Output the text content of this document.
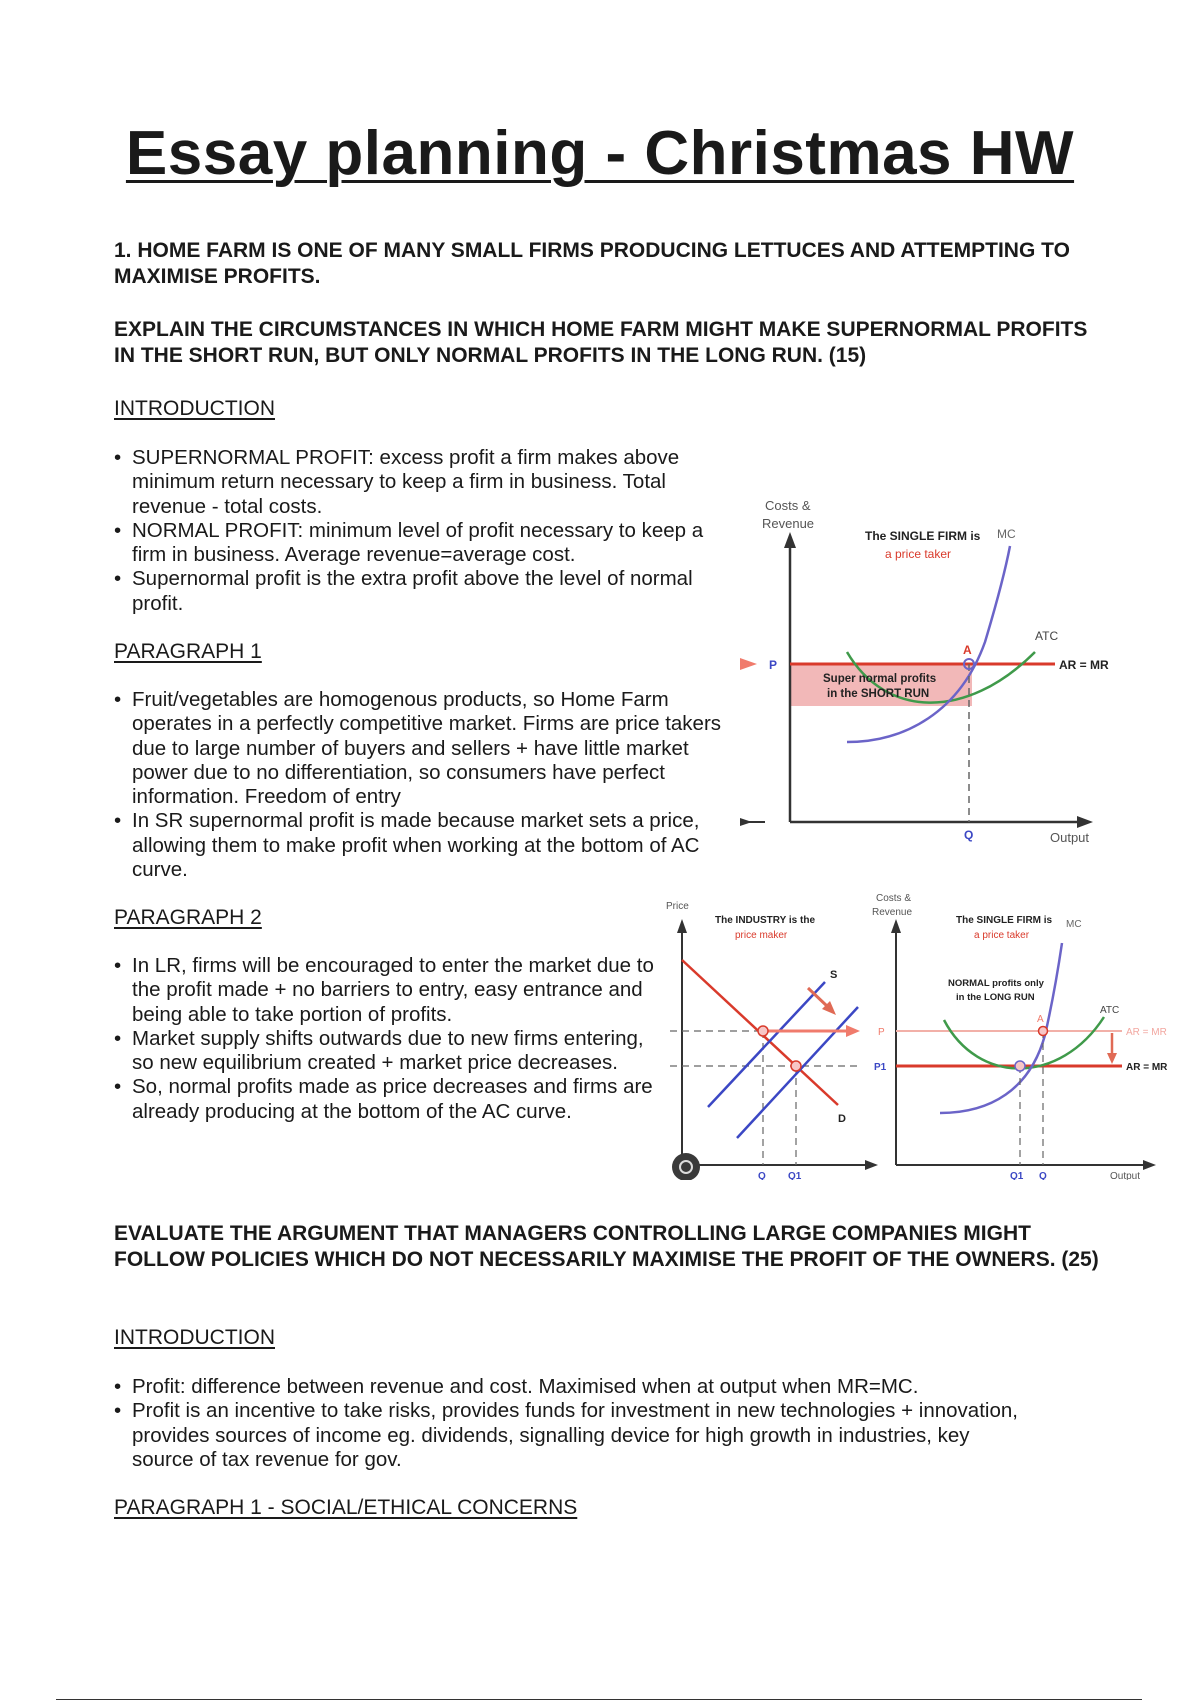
Essay planning - Christmas HW
1. HOME FARM IS ONE OF MANY SMALL FIRMS PRODUCING LETTUCES AND ATTEMPTING TO MAXIMISE PROFITS.
EXPLAIN THE CIRCUMSTANCES IN WHICH HOME FARM MIGHT MAKE SUPERNORMAL PROFITS IN THE SHORT RUN, BUT ONLY NORMAL PROFITS IN THE LONG RUN. (15)
INTRODUCTION
• SUPERNORMAL PROFIT: excess profit a firm makes above minimum return necessary to keep a firm in business. Total revenue - total costs.
• NORMAL PROFIT: minimum level of profit necessary to keep a firm in business. Average revenue=average cost.
• Supernormal profit is the extra profit above the level of normal profit.
PARAGRAPH 1
• Fruit/vegetables are homogenous products, so Home Farm operates in a perfectly competitive market. Firms are price takers due to large number of buyers and sellers + have little market power due to no differentiation, so consumers have perfect information. Freedom of entry
• In SR supernormal profit is made because market sets a price, allowing them to make profit when working at the bottom of AC curve.
PARAGRAPH 2
• In LR, firms will be encouraged to enter the market due to the profit made + no barriers to entry, easy entrance and being able to take portion of profits.
• Market supply shifts outwards due to new firms entering, so new equilibrium created + market price decreases.
• So, normal profits made as price decreases and firms are already producing at the bottom of the AC curve.
Costs &
Revenue
The SINGLE FIRM is
a price taker
MC
ATC
AR = MR
P
A
Super normal profits
in the SHORT RUN
Q	Output
Price
The INDUSTRY is the
price maker
S
D
Q Q1
Costs &
Revenue
The SINGLE FIRM is
a price taker
MC
ATC
NORMAL profits only
in the LONG RUN
P
P1
A
AR = MR
AR = MR
Q1 Q	Output
EVALUATE THE ARGUMENT THAT MANAGERS CONTROLLING LARGE COMPANIES MIGHT FOLLOW POLICIES WHICH DO NOT NECESSARILY MAXIMISE THE PROFIT OF THE OWNERS. (25)
INTRODUCTION
• Profit: difference between revenue and cost. Maximised when at output when MR=MC.
• Profit is an incentive to take risks, provides funds for investment in new technologies + innovation, provides sources of income eg. dividends, signalling device for high growth in industries, key source of tax revenue for gov.
PARAGRAPH 1 - SOCIAL/ETHICAL CONCERNS
